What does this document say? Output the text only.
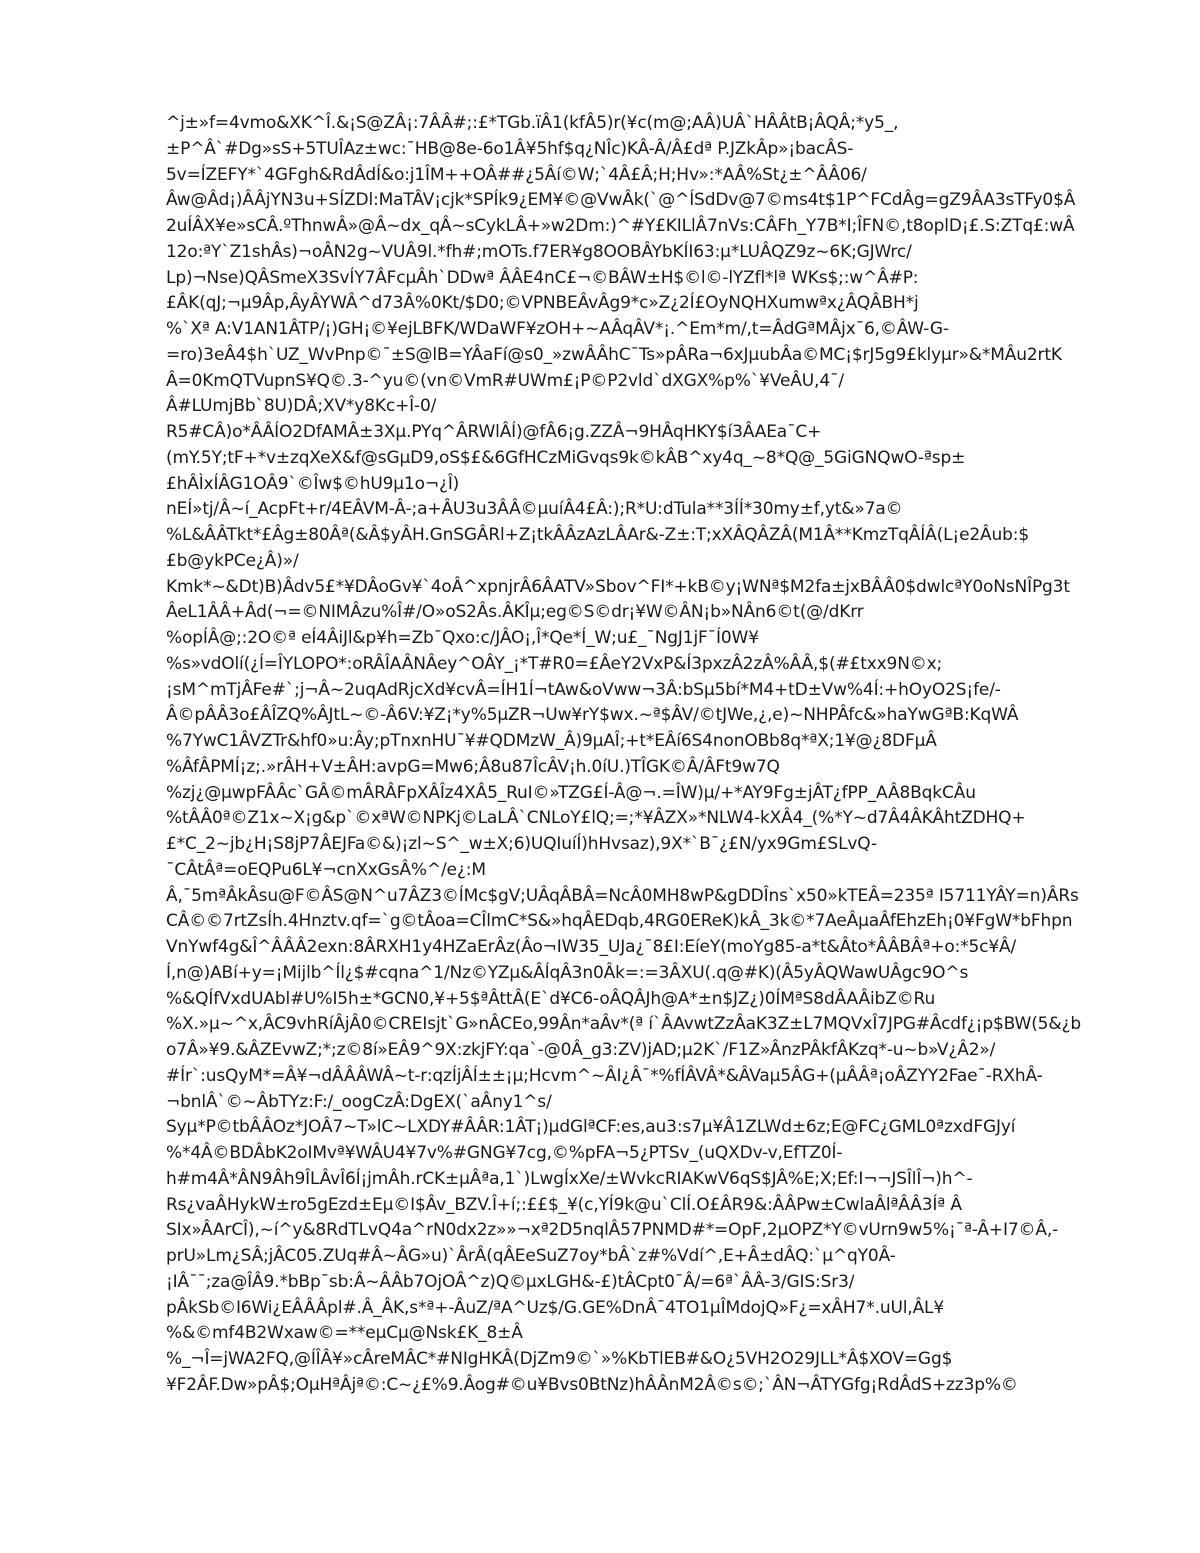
^j±»f=4vmo&XK^Î.&¡S@ZÂ¡:7ÂÂ#;:£*TGb.ïÂ1(kfÂ5)r(¥c(m@;AÂ)UÂ`HÂÂtB¡ÂQÂ;*y5_,
±P^Â`#Dg»sS+5TUÎAz±wc:¯HB@8e-6o1Â¥5hf$q¿NÎc)KÂ-Â/Â£dª P.JZkÂp»¡bacÂS-
5v=ÍZEFY*`4GFgh&RdÂdÍ&o:j1ÎM++OÂ##¿5Âí©W;`4Â£Â;H;Hv»:*AÂ%St¿±^ÂÂ06/
Âw@Âd¡)ÂÂjYN3u+SÍZDl:MaTÂV¡cjk*SPÍk9¿EM¥©@VwÂk(`@^ÍSdDv@7©ms4t$1P^FCdÂg=gZ9ÂA3sTFy0$Â
2uÍÂX¥e»sCÂ.ºThnwÂ»@Â~dx_qÂ~sCykLÂ+»w2Dm:)^#Y£KILlÂ7nVs:CÂFh_Y7B*I;ÎFN©,t8oplD¡£.S:ZTq£:wÂ
12o:ªY`Z1shÂs)¬oÂN2g~VUÂ9l.*fh#;mOTs.f7ER¥g8OOBÂYbKÍI63:µ*LUÂQZ9z~6K;GJWrc/
Lp)¬Nse)QÂSmeX3SvÍY7ÂFcµÂh`DDwª ÂÂE4nC£¬©BÂW±H$©l©-lYZfl*lª WKs$;:w^Â#P:
£ÂK(qJ;¬µ9Âp,ÂyÂYWÂ^d73Â%0Kt/$D0;©VPNBEÂvÂg9*c»Z¿2Í£OyNQHXumwªx¿ÂQÂBH*j
%`Xª A:V1AN1ÂTP/¡)GH¡©¥ejLBFK/WDaWF¥zOH+~AÂqÂV*¡.^Em*m/,t=ÂdGªMÂjx¯6,©ÂW-G-
=ro)3eÂ4$h`UZ_WvPnp©¯±S@lB=YÂaFí@s0_»zwÂÂhC¯Ts»pÂRa¬6xJµubÂa©MC¡$rJ5g9£klyµr»&*MÂu2rtK
Â=0KmQTVupnS¥Q©.3-^yu©(vn©VmR#UWm£¡P©P2vld`dXGX%p%`¥VeÂU,4¯/
Â#LUmjBb`8U)DÂ;XV*y8Kc+Î-0/
R5#CÂ)o*ÂÂÍO2DfAMÂ±3Xµ.PYq^ÂRWlÂÍ)@fÂ6¡g.ZZÂ¬9HÂqHKY$í3ÂAEa¯C+
(mY.5Y;tF+*v±zqXeX&f@sGµD9,oS$£&6GfHCzMiGvqs9k©kÂB^xy4q_~8*Q@_5GiGNQwO-ªsp±
£hÂÌxÍÂG1OÂ9`©Îw$©hU9µ1o¬¿Î)
nEÍ»tj/Â~í_AcpFt+r/4EÂVM-Â-;a+ÂU3u3ÂÂ©µuíÂ4£Â:);R*U:dTula**3ÍÍ*30my±f,yt&»7a©
%L&ÂÂTkt*£Âg±80Âª(&Â$yÂH.GnSGÂRl+Z¡tkÂÂzAzLÂAr&-Z±:T;xXÂQÂZÂ(M1Â**KmzTqÂÍÂ(L¡e2Âub:$
£b@ykPCe¿Â)»/
Kmk*~&Dt)B)Âdv5£*¥DÂoGv¥`4oÂ^xpnjrÂ6ÂATV»Sbov^FI*+kB©y¡WNª$M2fa±jxBÂÂ0$dwlcªY0oNsNÎPg3t
ÂeL1ÂÂ+Âd(¬=©NIMÂzu%Î#/O»oS2Âs.ÂKÎµ;eg©S©dr¡¥W©ÂN¡b»NÂn6©t(@/dKrr
%opÍÂ@;:2O©ª eÍ4ÂiJl&p¥h=Zb¯Qxo:c/JÂO¡,Î*Qe*Í_W;u£_¯NgJ1jF¯Í0W¥
%s»vdOlí(¿Í=ÎYLOPO*:oRÂÎAÂNÂey^OÂY_¡*T#R0=£ÂeY2VxP&Í3pxzÂ2zÂ%ÂÂ,$(#£txx9N©x;
¡sM^mTjÂFe#`;j¬Â~2uqAdRjcXd¥cvÂ=ÍH1Í¬tAw&oVww¬3Â:bSµ5bí*M4+tD±Vw%4Í:+hOyO2S¡fe/-
Â©pÂÂ3o£ÂÎZQ%ÂJtL~©-Â6V:¥Z¡*y%5µZR¬Uw¥rY$wx.~ª$ÂV/©tJWe,¿,e)~NHPÂfc&»haYwGªB:KqWÂ
%7YwC1ÂVZTr&hf0»u:Ây;pTnxnHU¯¥#QDMzW_Â)9µAÎ;+t*EÂí6S4nonOBb8q*ªX;1¥@¿8DFµÂ
%ÂfÂPMÍ¡z;.»rÂH+V±ÂH:avpG=Mw6;Â8u87ÎcÂV¡h.0íU.)TÎGK©Â/ÂFt9w7Q
%zj¿@µwpFÂÂc`GÂ©mÂRÂFpXÂÎz4XÂ5_RuI©»TZG£Í-Â@¬.=ÎW)µ/+*AY9Fg±jÂT¿fPP_AÂ8BqkCÂu
%tÂÂ0ª©Z1x~X¡g&p`©xªW©NPKj©LaLÂ`CNLoY£lQ;=;*¥ÂZX»*NLW4-kXÂ4_(%*Y~d7Â4ÂKÂhtZDHQ+
£*C_2~jb¿H¡S8jP7ÂEJFa©&)¡zl~S^_w±X;6)UQIuíÍ)hHvsaz),9X*`B¯¿£N/yx9Gm£SLvQ-
¯CÂtÂª=oEQPu6L¥¬cnXxGsÂ%^/e¿:M
Â,¯5mªÂkÂsu@F©ÂS@N^u7ÂZ3©ÍMc$gV;UÂqÂBÂ=NcÂ0MH8wP&gDDÎns`x50»kTEÂ=235ª I5711YÂY=n)ÂRs
CÂ©©7rtZsÍh.4Hnztv.qf=`g©tÂoa=CÎlmC*S&»hqÂEDqb,4RG0EReK)kÂ_3k©*7AeÂµaÂfEhzEh¡0¥FgW*bFhpn
VnYwf4g&Î^ÂÂÂ2exn:8ÂRXH1y4HZaErÂz(Âo¬IW35_UJa¿¯8£I:EíeY(moYg85-a*t&Âto*ÂÂBÂª+o:*5c¥Â/
Í,n@)ABí+y=¡Mijlb^Íl¿$#cqna^1/Nz©YZµ&ÂÍqÂ3n0Âk=:=3ÂXU(.q@#K)(Â5yÂQWawUÂgc9O^s
%&QÍfVxdUAbl#U%I5h±*GCN0,¥+5$ªÂttÂ(E`d¥C6-oÂQÂJh@A*±n$JZ¿)0ÍMªS8dÂAÂibZ©Ru
%X.»µ~^x,ÂC9vhRíÂjÂ0©CREIsjt`G»nÂCEo,99Ân*aÂv*(ª í`ÂAvwtZzÂaK3Z±L7MQVxÎ7JPG#Âcdf¿¡p$BW(5&¿b
o7Â»¥9.&ÂZEvwZ;*;z©8í»EÂ9^9X:zkjFY:qa`-@0Â_g3:ZV)jAD;µ2K`/F1Z»ÂnzPÂkfÂKzq*-u~b»V¿Â2»/
#Ír`:usQyM*=Â¥¬dÂÂÂWÂ~t-r:qzÍjÂÍ±±¡µ;Hcvm^~ÂI¿Â¯*%fÍÂVÂ*&ÂVaµ5ÂG+(µÂÂª¡oÂZYY2Fae¯-RXhÂ-
¬bnlÂ`©~ÂbTYz:F:/_oogCzÂ:DgEX(`aÂny1^s/
Syµ*P©tbÂÂOz*JOÂ7~T»lC~LXDY#ÂÂR:1ÂT¡)µdGlªCF:es,au3:s7µ¥Â1ZLWd±6z;E@FC¿GML0ªzxdFGJyí
%*4Â©BDÂbK2oIMvª¥WÂU4¥7v%#GNG¥7cg,©%pFA¬5¿PTSv_(uQXDv-v,EfTZ0Í-
h#m4Â*ÂN9Âh9ÎLÂvÎ6Í¡jmÂh.rCK±µÂªa,1`)LwgÍxXe/±WvkcRIAKwV6qS$JÂ%E;X;Ef:I¬¬JSÎlÎ¬)h^-
Rs¿vaÂHykW±ro5gEzd±Eµ©I$Âv_BZV.Î+í;:££$_¥(c,YÍ9k@u`ClÍ.O£ÂR9&:ÂÂPw±CwlaÂlªÂÂ3Íª Â
SIx»ÂArCÎ),~í^y&8RdTLvQ4a^rN0dx2z»»¬xª2D5nqlÂ57PNMD#*=OpF,2µOPZ*Y©vUrn9w5%¡¯ª-Â+I7©Â,-
prU»Lm¿SÂ;jÂC05.ZUq#Â~ÂG»u)`ÂrÂ(qÂEeSuZ7oy*bÂ`z#%Vdí^,E+Â±dÂQ:`µ^qY0Â-
¡IÂ¯¯;za@ÎÂ9.*bBp¯sb:Â~ÂÂb7OjOÂ^z)Q©µxLGH&-£)tÂCpt0¯Â/=6ª`ÂÂ-3/GIS:Sr3/
pÂkSb©I6Wi¿EÂÂÂpl#.Â_ÂK,s*ª+-ÂuZ/ªA^Uz$/G.GE%DnÂ¯4TO1µÎMdojQ»F¿=xÂH7*.uUl,ÂL¥
%&©mf4B2Wxaw©=**eµCµ@Nsk£K_8±Â
%_¬Î=jWA2FQ,@ÍÎÂ¥»cÂreMÂC*#NIgHKÂ(DjZm9©`»%KbTlEB#&O¿5VH2O29JLL*Â$XOV=Gg$
¥F2ÂF.Dw»pÂ$;OµHªÂjª©:C~¿£%9.Âog#©u¥Bvs0BtNz)hÂÂnM2Â©s©;`ÂN¬ÂTYGfg¡RdÂdS+zz3p%©
